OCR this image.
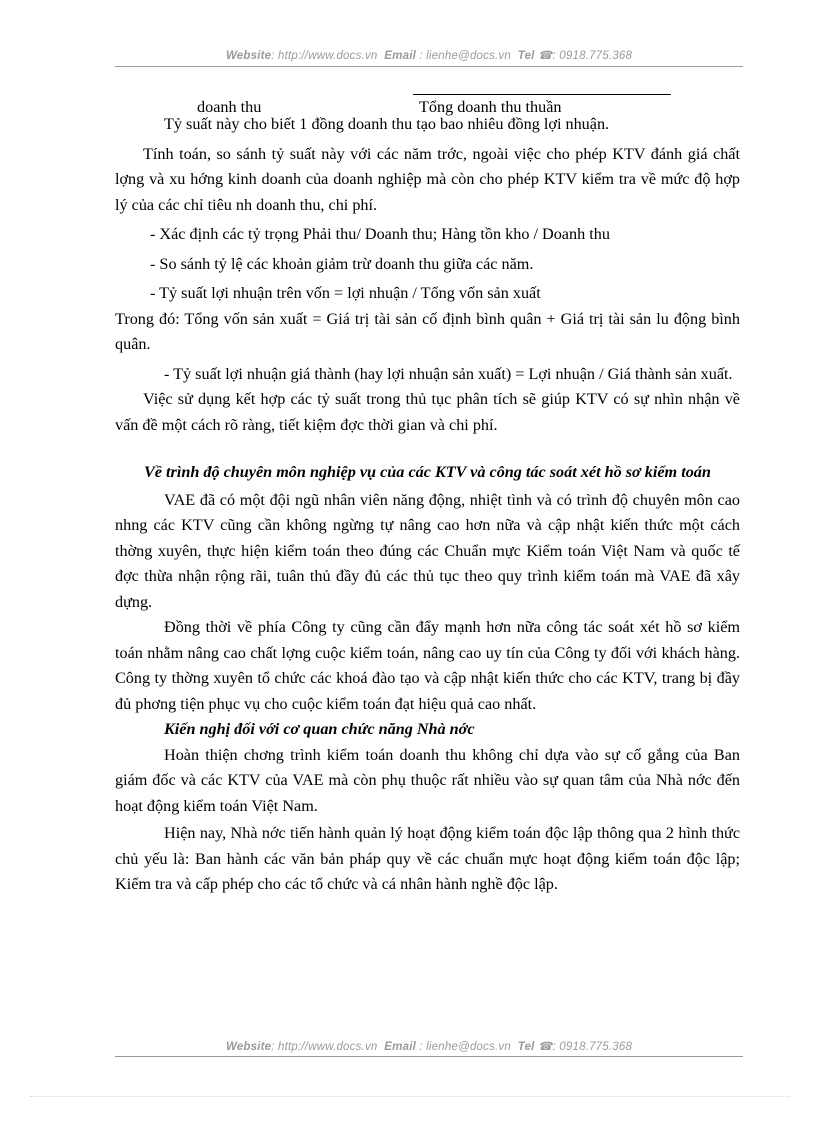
Website: http://www.docs.vn Email : lienhe@docs.vn Tel ☎: 0918.775.368
doanh thu	Tổng doanh thu thuần

Tỷ suất này cho biết 1 đồng doanh thu tạo bao nhiêu đồng lợi nhuận.

Tính toán, so sánh tỷ suất này với các năm trớc, ngoài việc cho phép KTV đánh giá chất lợng và xu hớng kinh doanh của doanh nghiệp mà còn cho phép KTV kiểm tra về mức độ hợp lý của các chỉ tiêu nh doanh thu, chi phí.

- Xác định các tỷ trọng Phải thu/ Doanh thu; Hàng tồn kho / Doanh thu

- So sánh tỷ lệ các khoản giảm trừ doanh thu giữa các năm.

- Tỷ suất lợi nhuận trên vốn = lợi nhuận / Tổng vốn sản xuất

Trong đó: Tổng vốn sản xuất = Giá trị tài sản cố định bình quân + Giá trị tài sản lu động bình quân.

- Tỷ suất lợi nhuận giá thành (hay lợi nhuận sản xuất) = Lợi nhuận / Giá thành sản xuất.

Việc sử dụng kết hợp các tỷ suất trong thủ tục phân tích sẽ giúp KTV có sự nhìn nhận về vấn đề một cách rõ ràng, tiết kiệm đợc thời gian và chi phí.

Về trình độ chuyên môn nghiệp vụ của các KTV và công tác soát xét hồ sơ kiểm toán

VAE đã có một đội ngũ nhân viên năng động, nhiệt tình và có trình độ chuyên môn cao nhng các KTV cũng cần không ngừng tự nâng cao hơn nữa và cập nhật kiến thức một cách thờng xuyên, thực hiện kiểm toán theo đúng các Chuẩn mực Kiểm toán Việt Nam và quốc tế đợc thừa nhận rộng rãi, tuân thủ đầy đủ các thủ tục theo quy trình kiểm toán mà VAE đã xây dựng.

Đồng thời về phía Công ty cũng cần đẩy mạnh hơn nữa công tác soát xét hồ sơ kiểm toán nhằm nâng cao chất lợng cuộc kiểm toán, nâng cao uy tín của Công ty đối với khách hàng. Công ty thờng xuyên tổ chức các khoá đào tạo và cập nhật kiến thức cho các KTV, trang bị đầy đủ phơng tiện phục vụ cho cuộc kiểm toán đạt hiệu quả cao nhất.

Kiến nghị đối với cơ quan chức năng Nhà nớc

Hoàn thiện chơng trình kiểm toán doanh thu không chỉ dựa vào sự cố gắng của Ban giám đốc và các KTV của VAE mà còn phụ thuộc rất nhiều vào sự quan tâm của Nhà nớc đến hoạt động kiểm toán Việt Nam.

Hiện nay, Nhà nớc tiến hành quản lý hoạt động kiểm toán độc lập thông qua 2 hình thức chủ yếu là: Ban hành các văn bản pháp quy về các chuẩn mực hoạt động kiểm toán độc lập; Kiểm tra và cấp phép cho các tổ chức và cá nhân hành nghề độc lập.

Website: http://www.docs.vn Email : lienhe@docs.vn Tel ☎: 0918.775.368
